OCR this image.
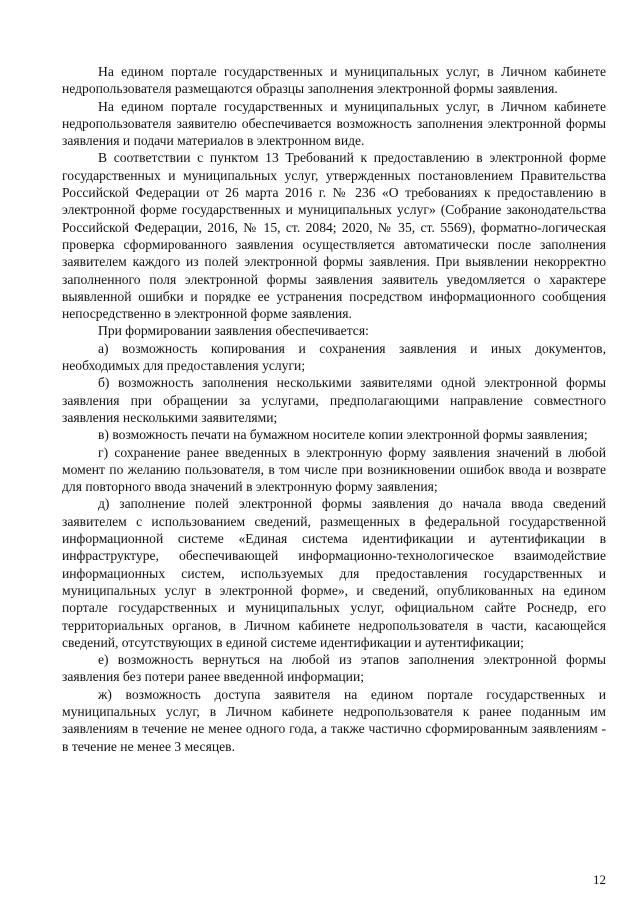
На едином портале государственных и муниципальных услуг, в Личном кабинете недропользователя размещаются образцы заполнения электронной формы заявления.

На едином портале государственных и муниципальных услуг, в Личном кабинете недропользователя заявителю обеспечивается возможность заполнения электронной формы заявления и подачи материалов в электронном виде.

В соответствии с пунктом 13 Требований к предоставлению в электронной форме государственных и муниципальных услуг, утвержденных постановлением Правительства Российской Федерации от 26 марта 2016 г. № 236 «О требованиях к предоставлению в электронной форме государственных и муниципальных услуг» (Собрание законодательства Российской Федерации, 2016, № 15, ст. 2084; 2020, № 35, ст. 5569), форматно-логическая проверка сформированного заявления осуществляется автоматически после заполнения заявителем каждого из полей электронной формы заявления. При выявлении некорректно заполненного поля электронной формы заявления заявитель уведомляется о характере выявленной ошибки и порядке ее устранения посредством информационного сообщения непосредственно в электронной форме заявления.

При формировании заявления обеспечивается:

а) возможность копирования и сохранения заявления и иных документов, необходимых для предоставления услуги;

б) возможность заполнения несколькими заявителями одной электронной формы заявления при обращении за услугами, предполагающими направление совместного заявления несколькими заявителями;

в) возможность печати на бумажном носителе копии электронной формы заявления;

г) сохранение ранее введенных в электронную форму заявления значений в любой момент по желанию пользователя, в том числе при возникновении ошибок ввода и возврате для повторного ввода значений в электронную форму заявления;

д) заполнение полей электронной формы заявления до начала ввода сведений заявителем с использованием сведений, размещенных в федеральной государственной информационной системе «Единая система идентификации и аутентификации в инфраструктуре, обеспечивающей информационно-технологическое взаимодействие информационных систем, используемых для предоставления государственных и муниципальных услуг в электронной форме», и сведений, опубликованных на едином портале государственных и муниципальных услуг, официальном сайте Роснедр, его территориальных органов, в Личном кабинете недропользователя в части, касающейся сведений, отсутствующих в единой системе идентификации и аутентификации;

е) возможность вернуться на любой из этапов заполнения электронной формы заявления без потери ранее введенной информации;

ж) возможность доступа заявителя на едином портале государственных и муниципальных услуг, в Личном кабинете недропользователя к ранее поданным им заявлениям в течение не менее одного года, а также частично сформированным заявлениям - в течение не менее 3 месяцев.

12
